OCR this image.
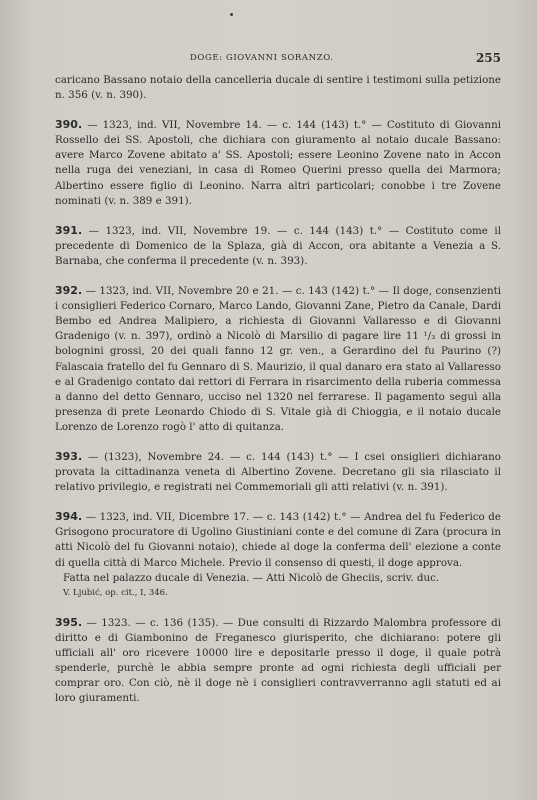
DOGE: GIOVANNI SORANZO.	255

caricano Bassano notaio della cancelleria ducale di sentire i testimoni sulla petizione n. 356 (v. n. 390).

390. — 1323, ind. VII, Novembre 14. — c. 144 (143) t.° — Costituto di Giovanni Rossello dei SS. Apostoli, che dichiara con giuramento al notaio ducale Bassano: avere Marco Zovene abitato a' SS. Apostoli; essere Leonino Zovene nato in Accon nella ruga dei veneziani, in casa di Romeo Querini presso quella dei Marmora; Albertino essere figlio di Leonino. Narra altri particolari; conobbe i tre Zovene nominati (v. n. 389 e 391).

391. — 1323, ind. VII, Novembre 19. — c. 144 (143) t.° — Costituto come il precedente di Domenico de la Splaza, già di Accon, ora abitante a Venezia a S. Barnaba, che conferma il precedente (v. n. 393).

392. — 1323, ind. VII, Novembre 20 e 21. — c. 143 (142) t.° — Il doge, consenzienti i consiglieri Federico Cornaro, Marco Lando, Giovanni Zane, Pietro da Canale, Dardi Bembo ed Andrea Malipiero, a richiesta di Giovanni Vallaresso e di Giovanni Gradenigo (v. n. 397), ordinò a Nicolò di Marsilio di pagare lire 11 ¹/₃ di grossi in bolognini grossi, 20 dei quali fanno 12 gr. ven., a Gerardino del fu Paurino (?) Falascaia fratello del fu Gennaro di S. Maurizio, il qual danaro era stato al Vallaresso e al Gradenigo contato dai rettori di Ferrara in risarcimento della ruberia commessa a danno del detto Gennaro, ucciso nel 1320 nel ferrarese. Il pagamento seguì alla presenza di prete Leonardo Chiodo di S. Vitale già di Chioggia, e il notaio ducale Lorenzo de Lorenzo rogò l' atto di quitanza.

393. — (1323), Novembre 24. — c. 144 (143) t.° — I csei onsiglieri dichiarano provata la cittadinanza veneta di Albertino Zovene. Decretano gli sia rilasciato il relativo privilegio, e registrati nei Commemoriali gli atti relativi (v. n. 391).

394. — 1323, ind. VII, Dicembre 17. — c. 143 (142) t.° — Andrea del fu Federico de Grisogono procuratore di Ugolino Giustiniani conte e del comune di Zara (procura in atti Nicolò del fu Giovanni notaio), chiede al doge la conferma dell' elezione a conte di quella città di Marco Michele. Previo il consenso di questi, il doge approva.

Fatta nel palazzo ducale di Venezia. — Atti Nicolò de Gheciis, scriv. duc.

V. Ljubić, op. cit., I, 346.

395. — 1323. — c. 136 (135). — Due consulti di Rizzardo Malombra professore di diritto e di Giambonino de Freganesco giurisperito, che dichiarano: potere gli ufficiali all' oro ricevere 10000 lire e depositarle presso il doge, il quale potrà spenderle, purchè le abbia sempre pronte ad ogni richiesta degli ufficiali per comprar oro. Con ciò, nè il doge nè i consiglieri contravverranno agli statuti ed ai loro giuramenti.
